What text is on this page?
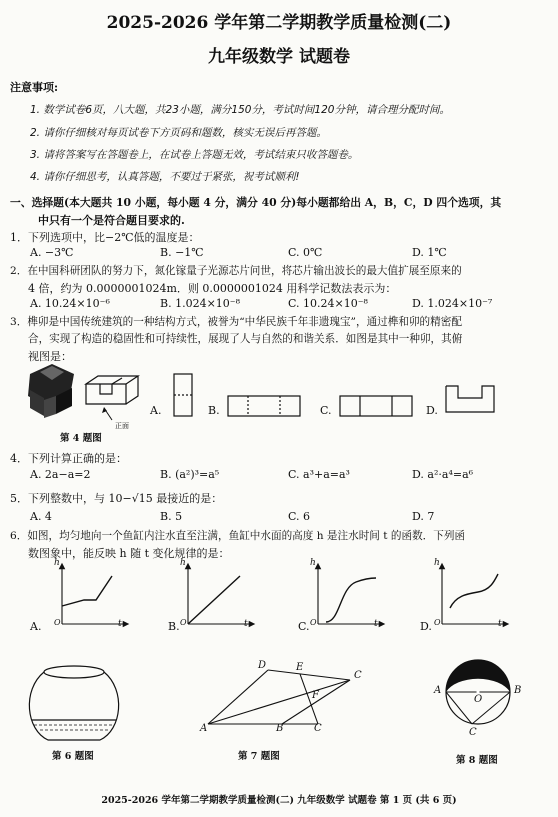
2025-2026 学年第二学期教学质量检测(二)
九年级数学 试题卷
注意事项:
1. 数学试卷6页，八大题，共23小题，满分150分，考试时间120分钟，请合理分配时间。
2. 请你仔细核对每页试卷下方页码和题数，核实无误后再答题。
3. 请将答案写在答题卷上，在试卷上答题无效，考试结束只收答题卷。
4. 请你仔细思考，认真答题，不要过于紧张，祝考试顺利!
一、选择题(本大题共 10 小题，每小题 4 分，满分 40 分)每小题都给出 A，B，C，D 四个选项，其
中只有一个是符合题目要求的.
1．下列选项中，比−2℃低的温度是：
A. −3℃	B. −1℃	C. 0℃	D. 1℃
2．在中国科研团队的努力下，氮化镓量子光源芯片问世，将芯片输出波长的最大值扩展至原来的
4 倍，约为 0.0000001024m．则 0.0000001024 用科学记数法表示为：
A. 10.24×10⁻⁶	B. 1.024×10⁻⁸	C. 10.24×10⁻⁸	D. 1.024×10⁻⁷
3．榫卯是中国传统建筑的一种结构方式，被誉为“中华民族千年非遗瑰宝”，通过榫和卯的精密配
合，实现了构造的稳固性和可持续性，展现了人与自然的和谐关系．如图是其中一种卯，其俯
视图是：
正面
A.	B.	C.	D.
第 4 题图
4．下列计算正确的是：
A. 2a−a=2	B. (a²)³=a⁵	C. a³+a=a³	D. a²·a⁴=a⁶
5．下列整数中，与 10−√15 最接近的是：
A. 4	B. 5	C. 6	D. 7
6．如图，均匀地向一个鱼缸内注水直至注满，鱼缸中水面的高度 h 是注水时间 t 的函数．下列函
数图象中，能反映 h 随 t 变化规律的是：
h
t
h
t
h
t
h
t
O	O	O	O
A.	B.	C.	D.
D	E
C
F
A	B	C
A
O
B
C
第 6 题图	第 7 题图	第 8 题图
2025-2026 学年第二学期教学质量检测(二) 九年级数学 试题卷 第 1 页 (共 6 页)
